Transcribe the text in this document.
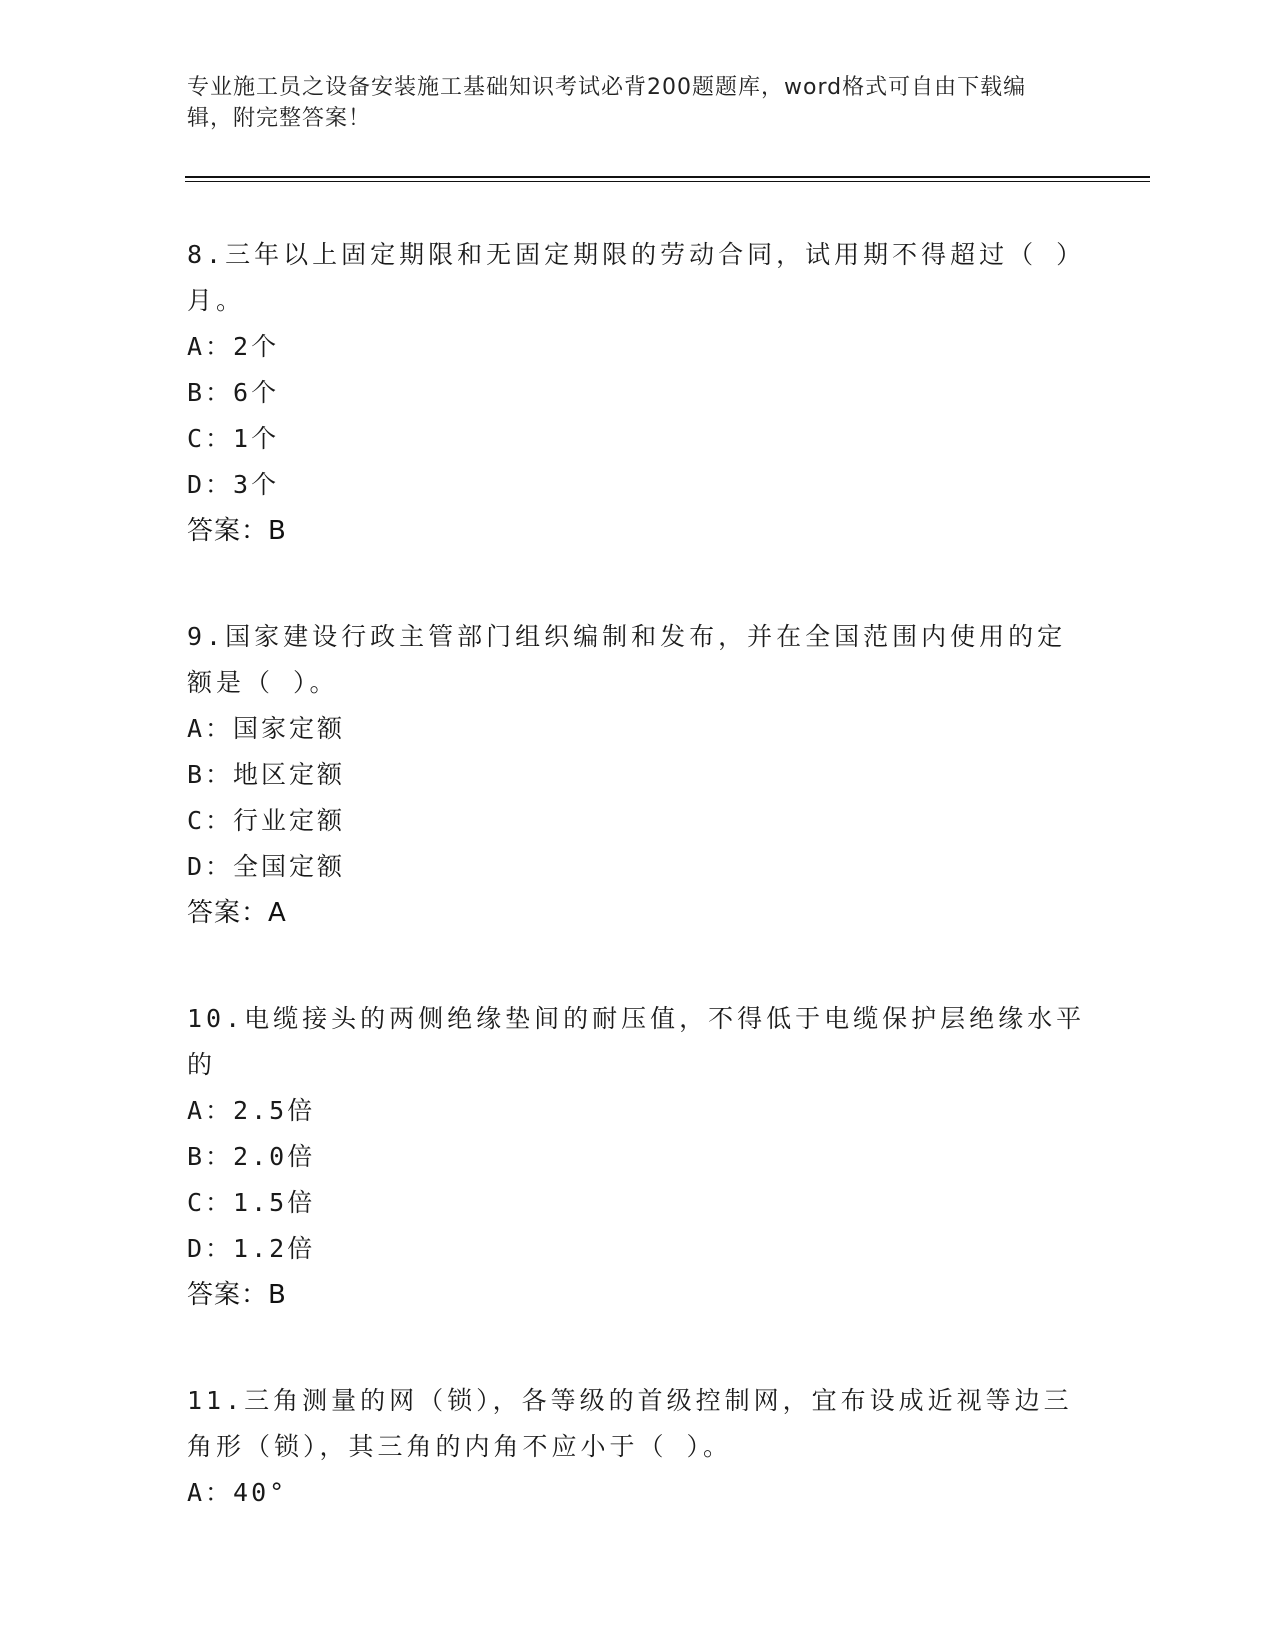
专业施工员之设备安装施工基础知识考试必背200题题库，word格式可自由下载编辑，附完整答案！

8.三年以上固定期限和无固定期限的劳动合同，试用期不得超过（ ）月。

A：2个

B：6个

C：1个

D：3个

答案：B

9.国家建设行政主管部门组织编制和发布，并在全国范围内使用的定额是（ ）。

A：国家定额

B：地区定额

C：行业定额

D：全国定额

答案：A

10.电缆接头的两侧绝缘垫间的耐压值，不得低于电缆保护层绝缘水平的

A：2.5倍

B：2.0倍

C：1.5倍

D：1.2倍

答案：B

11.三角测量的网（锁），各等级的首级控制网，宜布设成近视等边三角形（锁），其三角的内角不应小于（ ）。

A：40°
